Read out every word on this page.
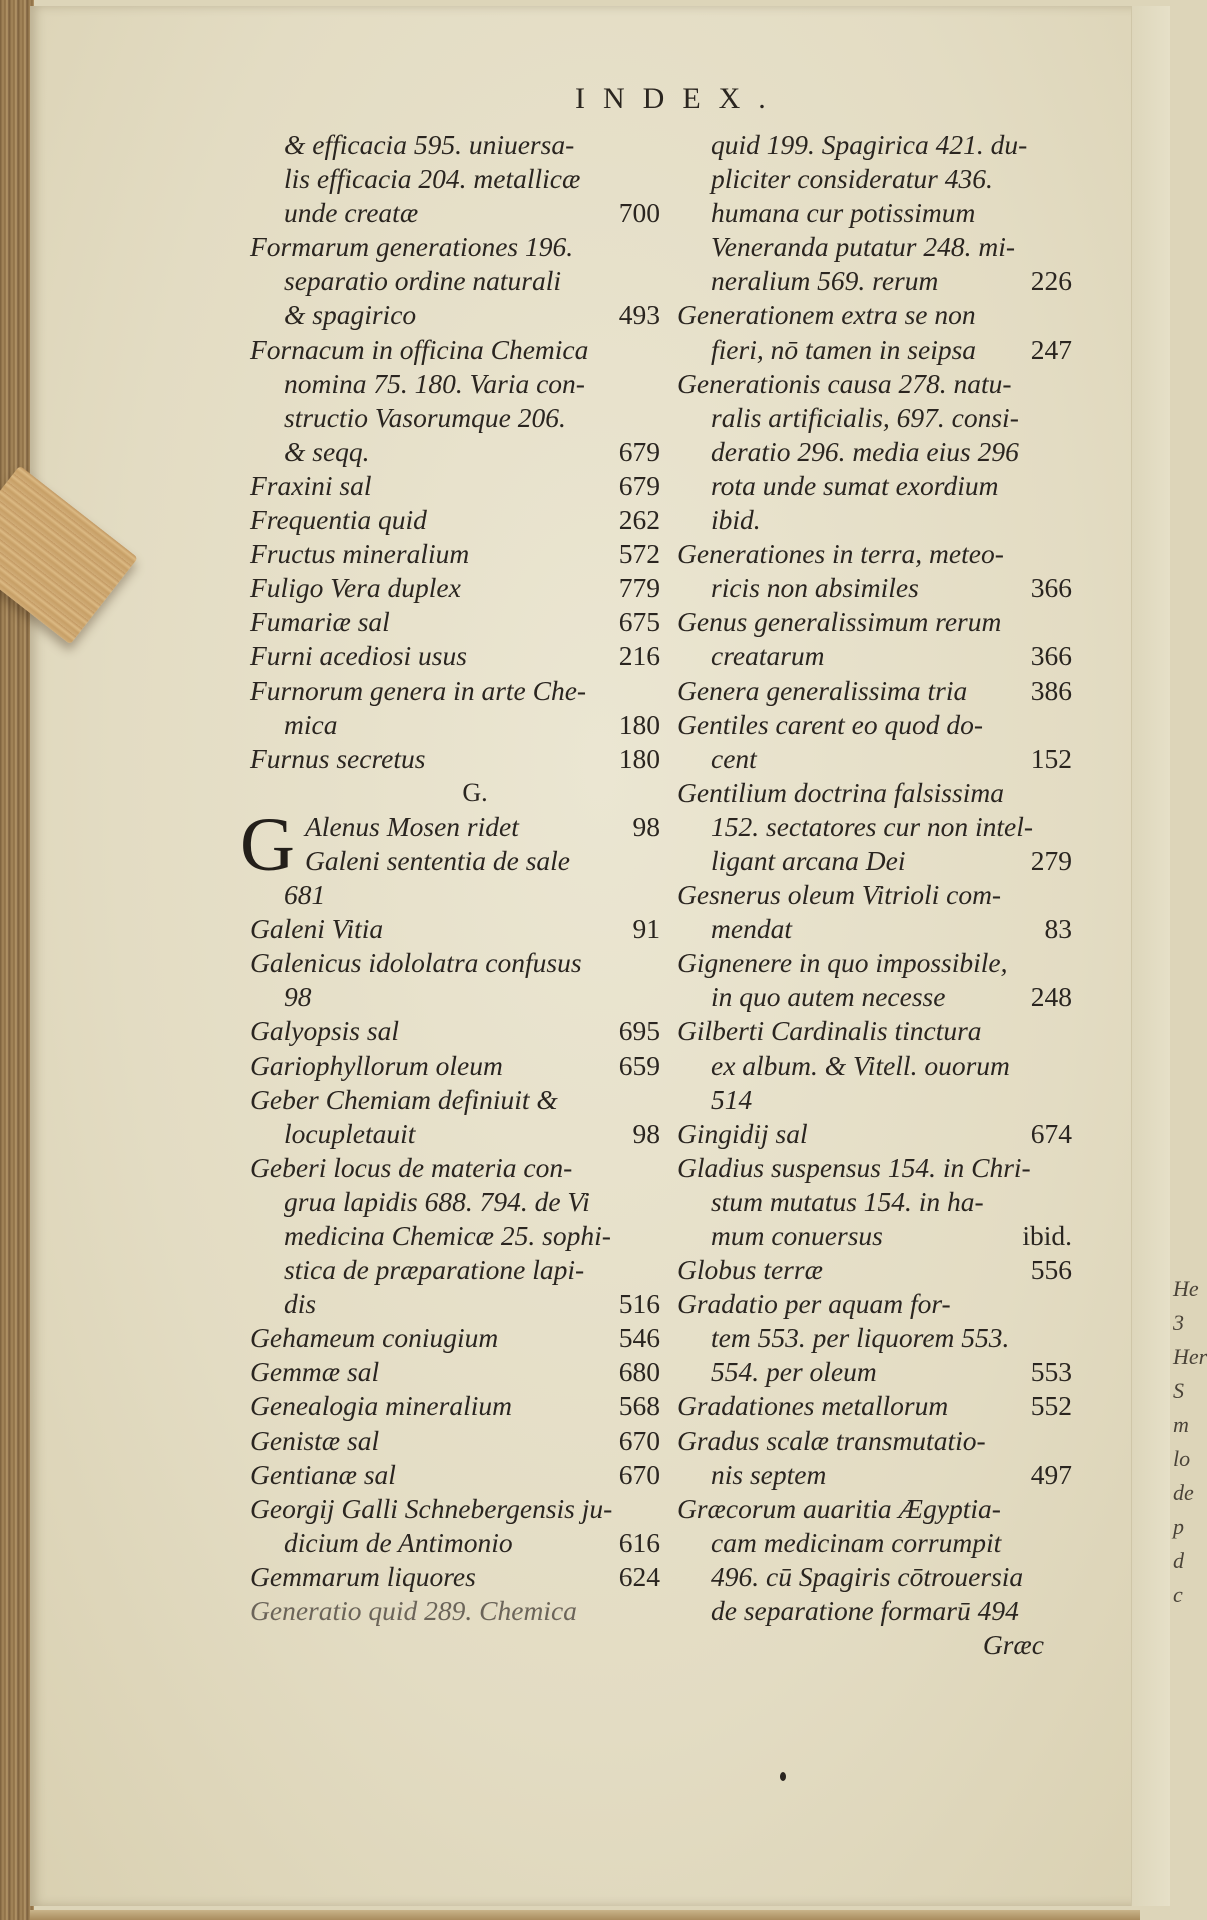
INDEX.
& efficacia 595. uniuersa-
lis efficacia 204. metallicæ
unde creatæ	700
Formarum generationes 196.
separatio ordine naturali
& spagirico	493
Fornacum in officina Chemica
nomina 75. 180. Varia con-
structio Vasorumque 206.
& seqq.	679
Fraxini sal	679
Frequentia quid	262
Fructus mineralium	572
Fuligo Vera duplex	779
Fumariæ sal	675
Furni acediosi usus	216
Furnorum genera in arte Che-
mica	180
Furnus secretus	180
G.
G Alenus Mosen ridet	98
Galeni sententia de sale
681
Galeni Vitia	91
Galenicus idololatra confusus
98
Galyopsis sal	695
Gariophyllorum oleum	659
Geber Chemiam definiuit &
locupletauit	98
Geberi locus de materia con-
grua lapidis 688. 794. de Vi
medicina Chemicæ 25. sophi-
stica de præparatione lapi-
dis	516
Gehameum coniugium	546
Gemmæ sal	680
Genealogia mineralium	568
Genistæ sal	670
Gentianæ sal	670
Georgij Galli Schnebergensis ju-
dicium de Antimonio	616
Gemmarum liquores	624
Generatio quid 289. Chemica
quid 199. Spagirica 421. du-
pliciter consideratur 436.
humana cur potissimum
Veneranda putatur 248. mi-
neralium 569. rerum	226
Generationem extra se non
fieri, nō tamen in seipsa 247
Generationis causa 278. natu-
ralis artificialis, 697. consi-
deratio 296. media eius 296
rota unde sumat exordium
ibid.
Generationes in terra, meteo-
ricis non absimiles	366
Genus generalissimum rerum
creatarum	366
Genera generalissima tria 386
Gentiles carent eo quod do-
cent	152
Gentilium doctrina falsissima
152. sectatores cur non intel-
ligant arcana Dei	279
Gesnerus oleum Vitrioli com-
mendat	83
Gignenere in quo impossibile,
in quo autem necesse	248
Gilberti Cardinalis tinctura
ex album. & Vitell. ouorum
514
Gingidij sal	674
Gladius suspensus 154. in Chri-
stum mutatus 154. in ha-
mum conuersus	ibid.
Globus terræ	556
Gradatio per aquam for-
tem 553. per liquorem 553.
554. per oleum	553
Gradationes metallorum	552
Gradus scalæ transmutatio-
nis septem	497
Græcorum auaritia Ægyptia-
cam medicinam corrumpit
496. cū Spagiris cōtrouersia
de separatione formarū 494
Græc
He
3
Her
S
m
lo
de
p
d
c
